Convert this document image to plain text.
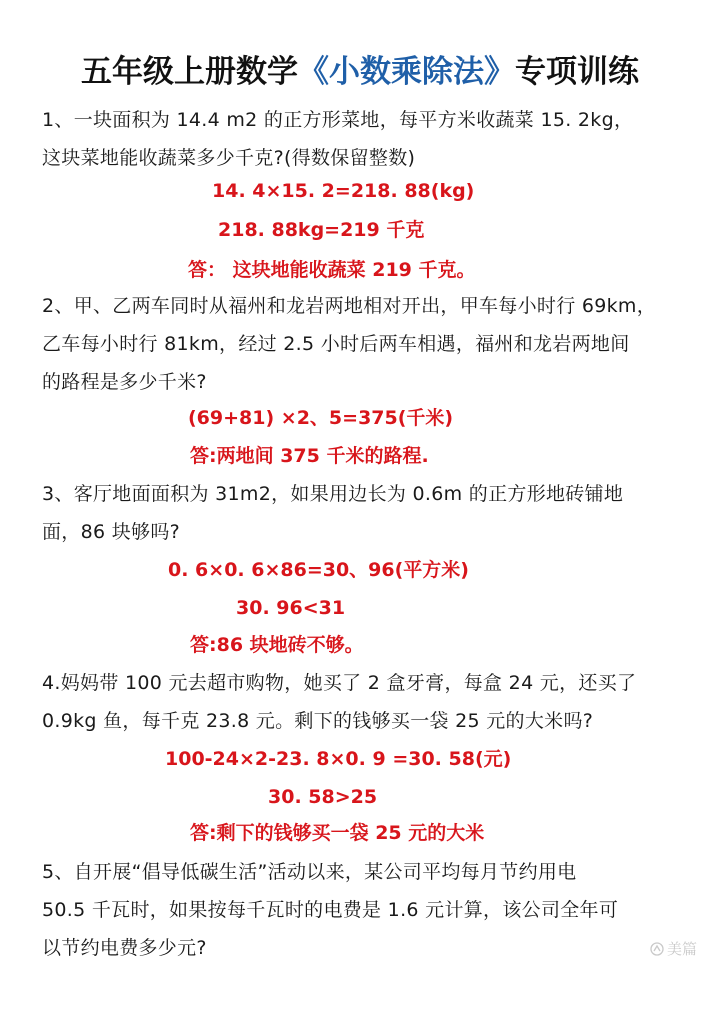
五年级上册数学《小数乘除法》专项训练
1、一块面积为 14.4 m2 的正方形菜地，每平方米收蔬菜 15. 2kg，
这块菜地能收蔬菜多少千克?(得数保留整数)
14. 4×15. 2=218. 88(kg)
218. 88kg=219 千克
答： 这块地能收蔬菜 219 千克。
2、甲、乙两车同时从福州和龙岩两地相对开出，甲车每小时行 69km，
乙车每小时行 81km，经过 2.5 小时后两车相遇，福州和龙岩两地间
的路程是多少千米?
(69+81) ×2、5=375(千米)
答:两地间 375 千米的路程.
3、客厅地面面积为 31m2，如果用边长为 0.6m 的正方形地砖铺地
面，86 块够吗?
0. 6×0. 6×86=30、96(平方米)
30. 96<31
答:86 块地砖不够。
4.妈妈带 100 元去超市购物，她买了 2 盒牙膏，每盒 24 元，还买了
0.9kg 鱼，每千克 23.8 元。剩下的钱够买一袋 25 元的大米吗?
100-24×2-23. 8×0. 9 =30. 58(元)
30. 58>25
答:剩下的钱够买一袋 25 元的大米
5、自开展“倡导低碳生活”活动以来，某公司平均每月节约用电
50.5 千瓦时，如果按每千瓦时的电费是 1.6 元计算，该公司全年可
以节约电费多少元?	美篇
